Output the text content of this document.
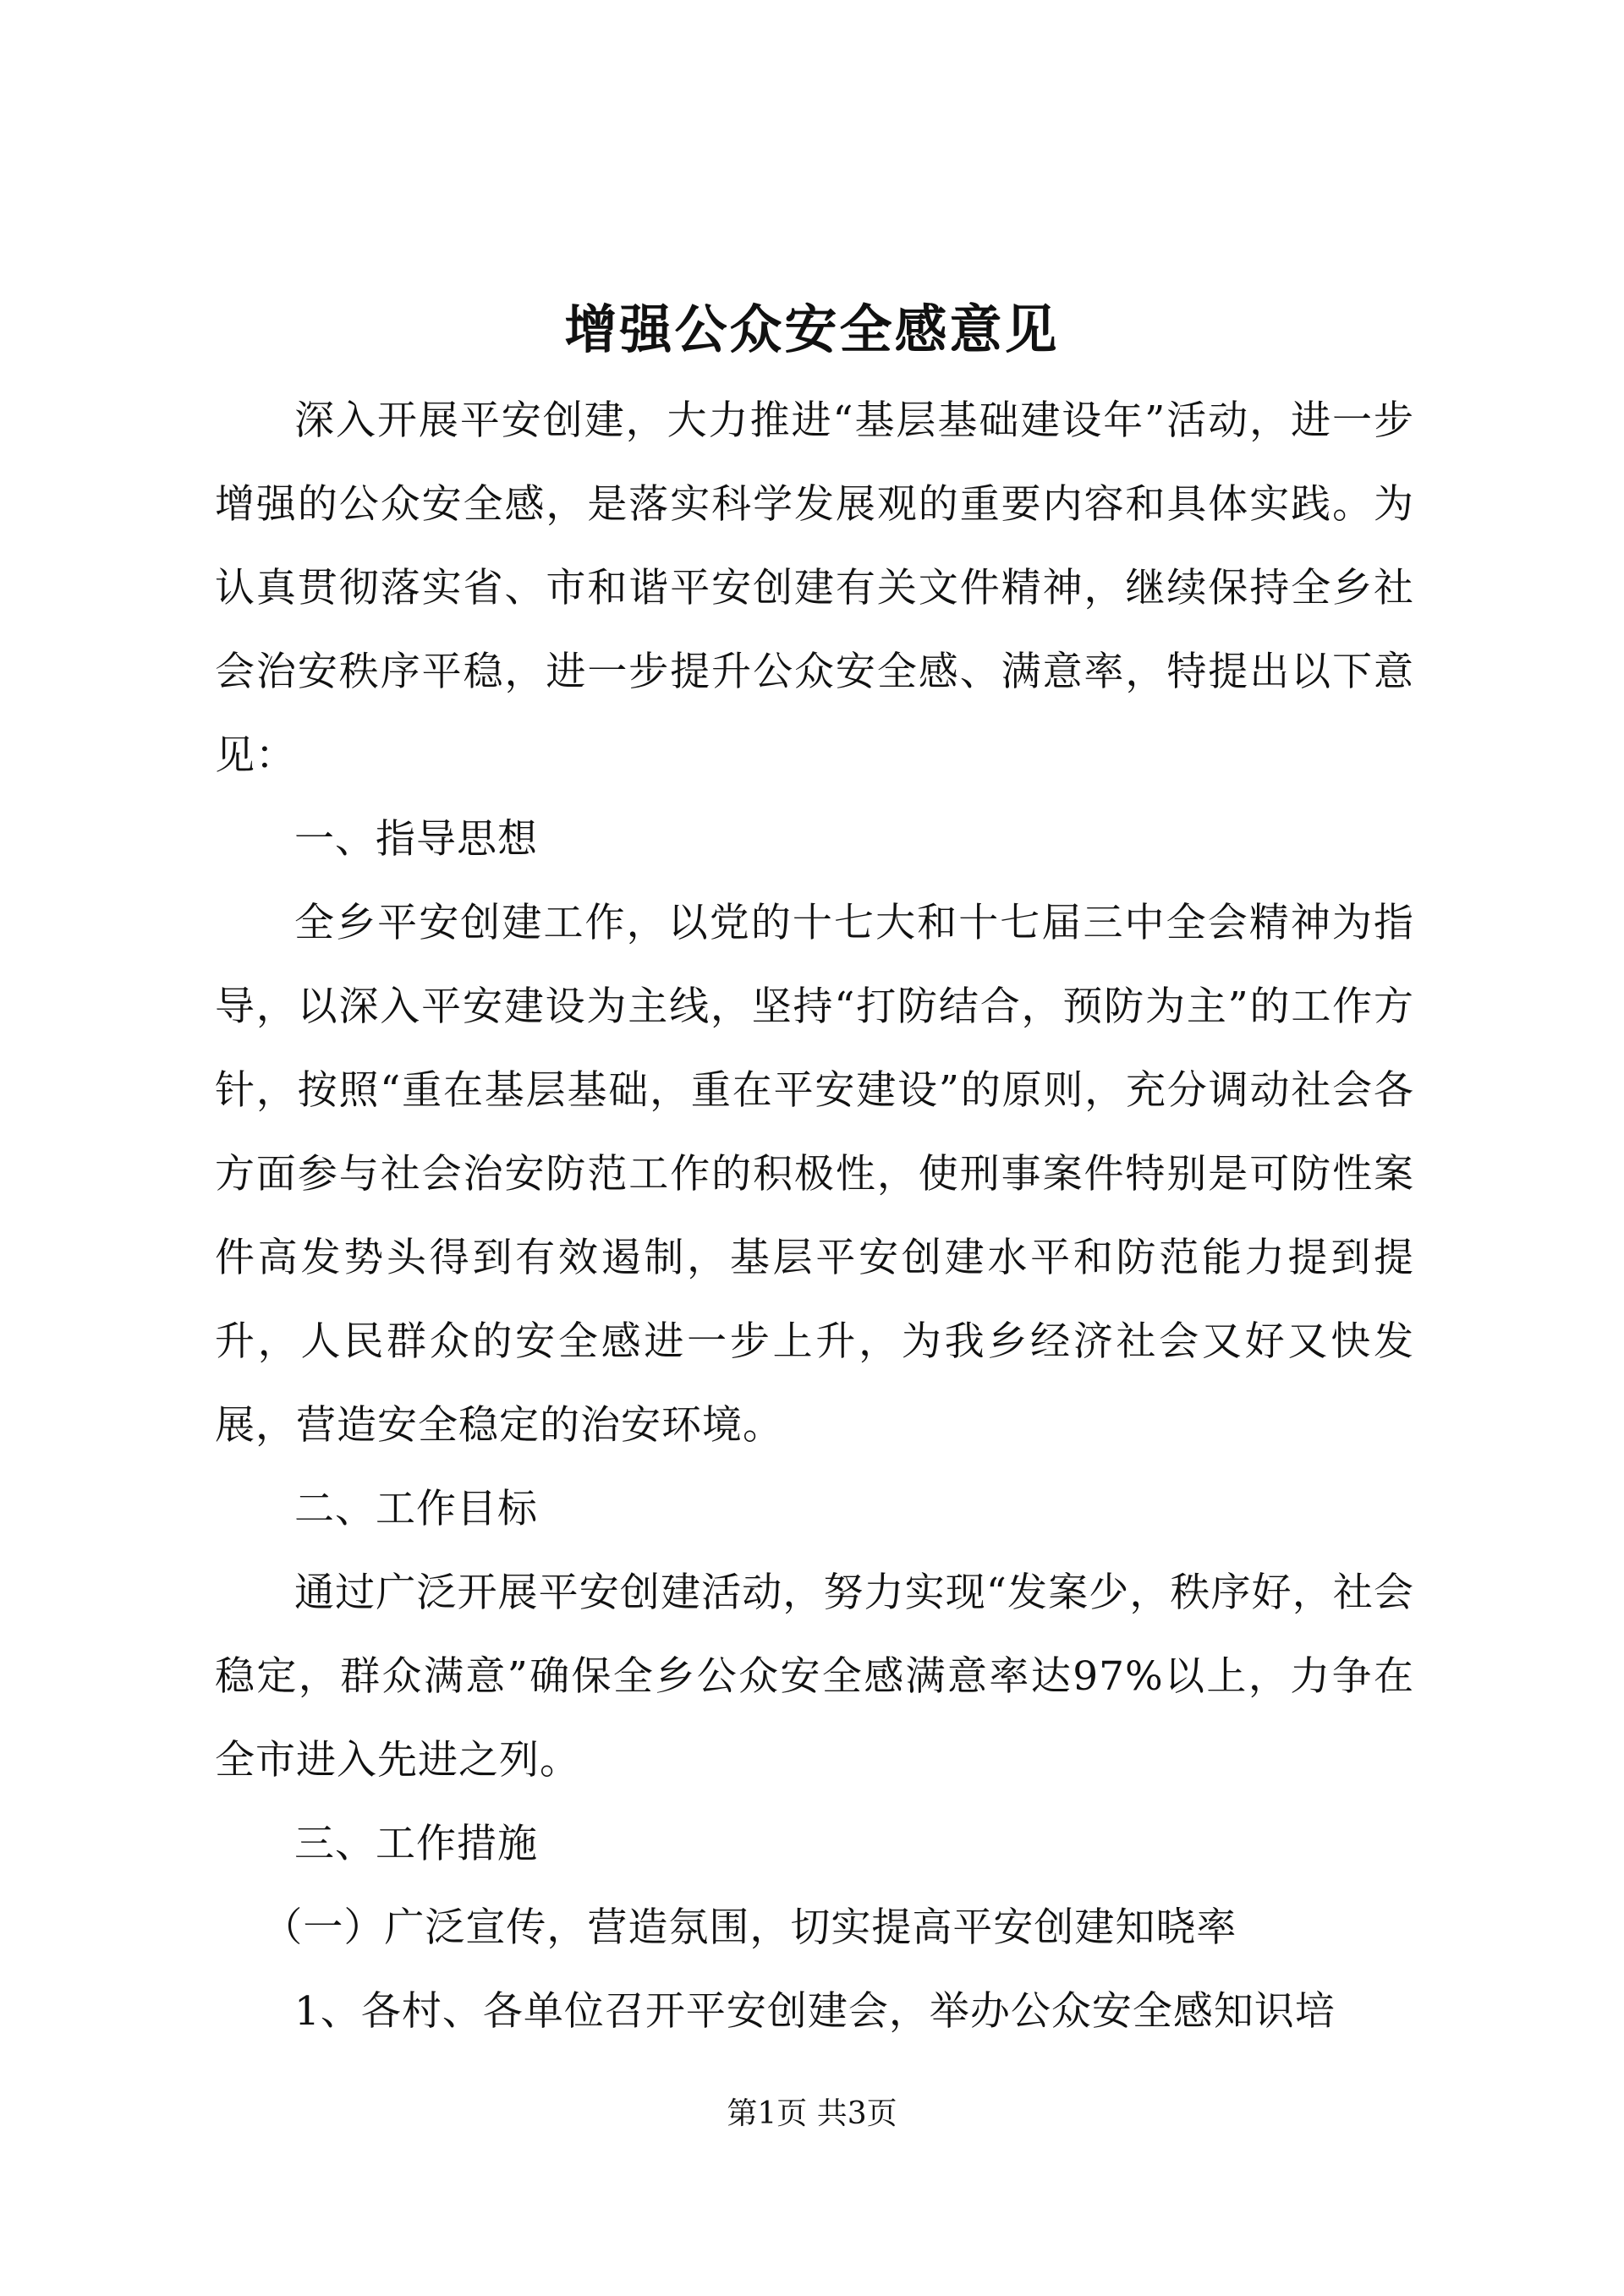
增强公众安全感意见

深入开展平安创建，大力推进“基层基础建设年”活动，进一步增强的公众安全感，是落实科学发展观的重要内容和具体实践。为认真贯彻落实省、市和谐平安创建有关文件精神，继续保持全乡社会治安秩序平稳，进一步提升公众安全感、满意率，特提出以下意见：

一、指导思想

全乡平安创建工作，以党的十七大和十七届三中全会精神为指导，以深入平安建设为主线，坚持“打防结合，预防为主”的工作方针，按照“重在基层基础，重在平安建设”的原则，充分调动社会各方面参与社会治安防范工作的积极性，使刑事案件特别是可防性案件高发势头得到有效遏制，基层平安创建水平和防范能力提到提升，人民群众的安全感进一步上升，为我乡经济社会又好又快发展，营造安全稳定的治安环境。

二、工作目标

通过广泛开展平安创建活动，努力实现“发案少，秩序好，社会稳定，群众满意”确保全乡公众安全感满意率达97%以上，力争在全市进入先进之列。

三、工作措施

（一）广泛宣传，营造氛围，切实提高平安创建知晓率

1、各村、各单位召开平安创建会，举办公众安全感知识培

第1页 共3页
